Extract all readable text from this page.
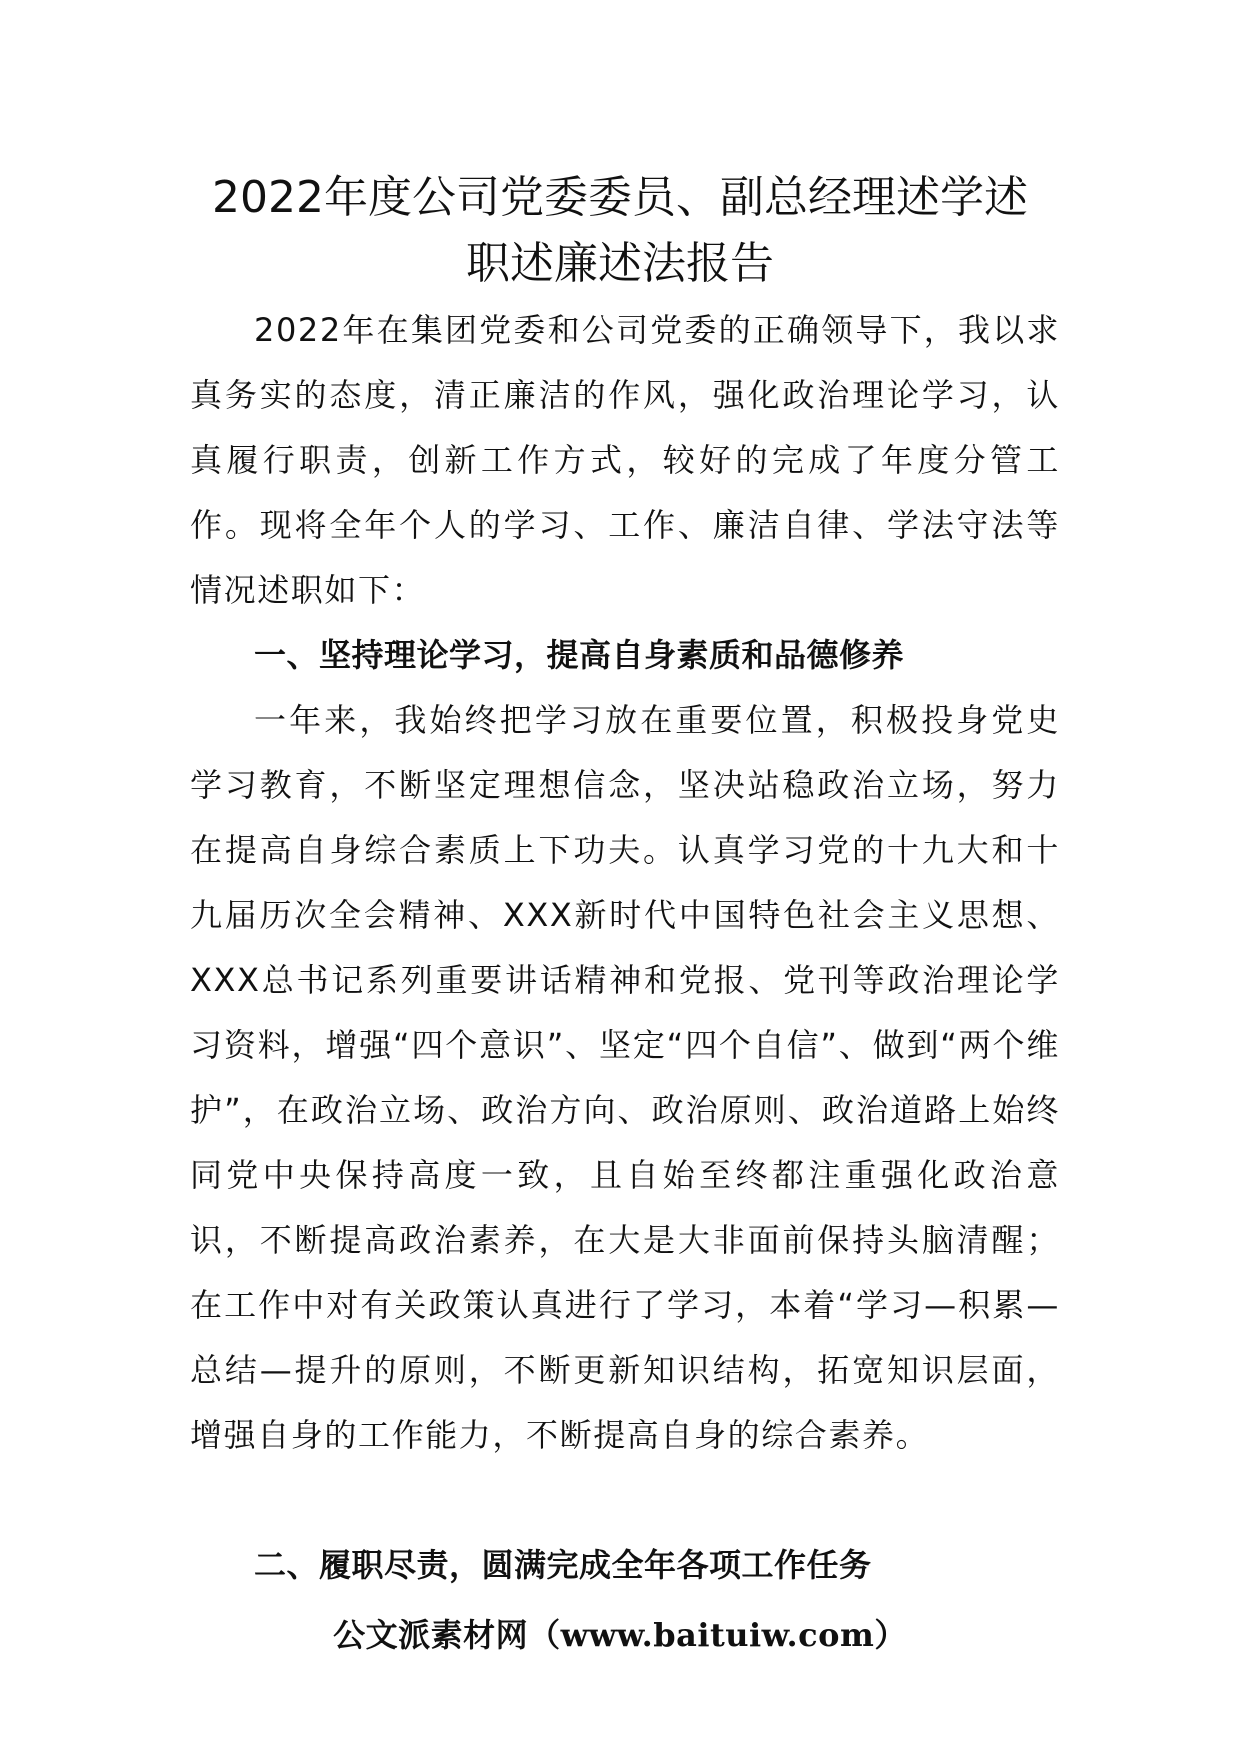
2022年度公司党委委员、副总经理述学述
职述廉述法报告

2022年在集团党委和公司党委的正确领导下，我以求真务实的态度，清正廉洁的作风，强化政治理论学习，认真履行职责，创新工作方式，较好的完成了年度分管工作。现将全年个人的学习、工作、廉洁自律、学法守法等情况述职如下：

一、坚持理论学习，提高自身素质和品德修养

一年来，我始终把学习放在重要位置，积极投身党史学习教育，不断坚定理想信念，坚决站稳政治立场，努力在提高自身综合素质上下功夫。认真学习党的十九大和十九届历次全会精神、XXX新时代中国特色社会主义思想、XXX总书记系列重要讲话精神和党报、党刊等政治理论学习资料，增强“四个意识”、坚定“四个自信”、做到“两个维护”，在政治立场、政治方向、政治原则、政治道路上始终同党中央保持高度一致，且自始至终都注重强化政治意识，不断提高政治素养，在大是大非面前保持头脑清醒；在工作中对有关政策认真进行了学习，本着“学习—积累—总结—提升的原则，不断更新知识结构，拓宽知识层面，增强自身的工作能力，不断提高自身的综合素养。

二、履职尽责，圆满完成全年各项工作任务

公文派素材网（www.baituiw.com）
